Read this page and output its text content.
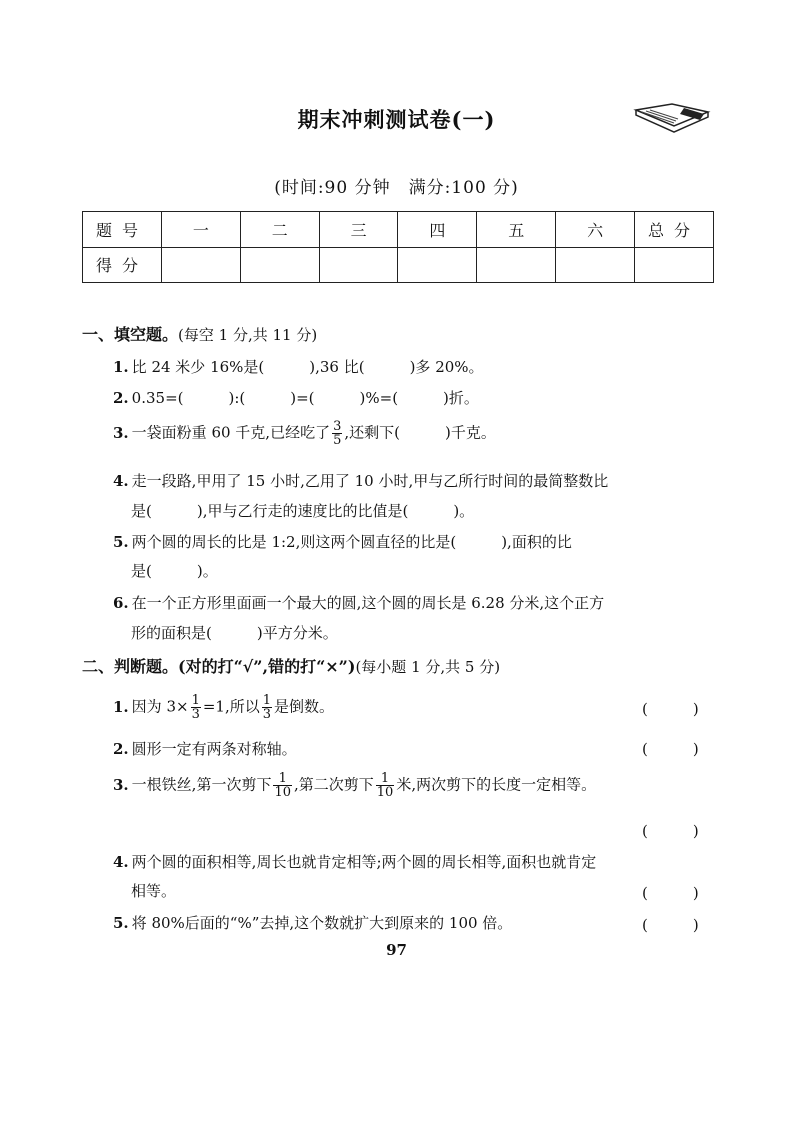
期末冲刺测试卷(一)
(时间:90 分钟　满分:100 分)
题号	一	二	三	四	五	六	总分
得分							
一、填空题。(每空 1 分,共 11 分)
1. 比 24 米少 16%是(　　　),36 比(　　　)多 20%。
2. 0.35=(　　　):(　　　)=(　　　)%=(　　　)折。
3. 一袋面粉重 60 千克,已经吃了 $\frac{3}{5}$ ,还剩下(　　　)千克。
4. 走一段路,甲用了 15 小时,乙用了 10 小时,甲与乙所行时间的最简整数比
是(　　　),甲与乙行走的速度比的比值是(　　　)。
5. 两个圆的周长的比是 1:2,则这两个圆直径的比是(　　　),面积的比
是(　　　)。
6. 在一个正方形里面画一个最大的圆,这个圆的周长是 6.28 分米,这个正方
形的面积是(　　　)平方分米。
二、判断题。(对的打“√”,错的打“×”)(每小题 1 分,共 5 分)
1. 因为 $3\times \frac{1}{3} =1$,所以 $\frac{1}{3}$ 是倒数。	(　　　)
2. 圆形一定有两条对称轴。	(　　　)
3. 一根铁丝,第一次剪下 $\frac{1}{10}$ ,第二次剪下 $\frac{1}{10}$ 米,两次剪下的长度一定相等。
(　　　)
4. 两个圆的面积相等,周长也就肯定相等;两个圆的周长相等,面积也就肯定
相等。	(　　　)
5. 将 80%后面的“%”去掉,这个数就扩大到原来的 100 倍。	(　　　)
97
